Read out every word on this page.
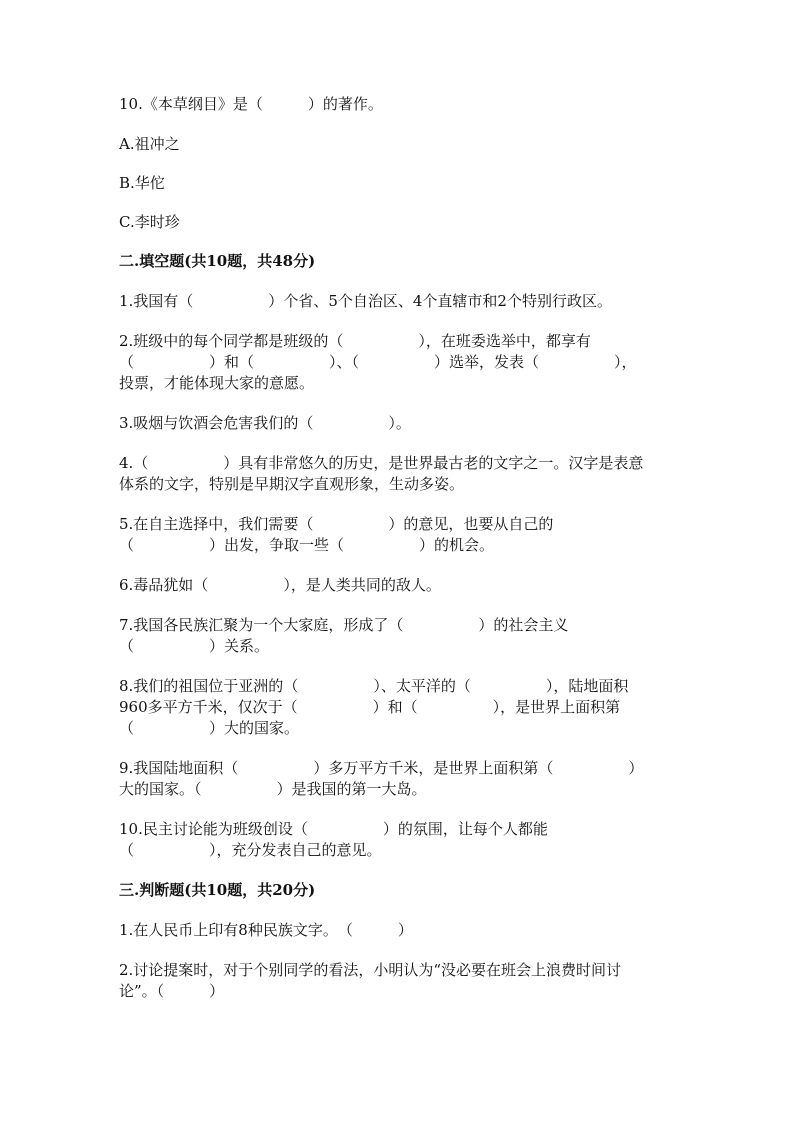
10.《本草纲目》是（　　　）的著作。
A.祖冲之
B.华佗
C.李时珍
二.填空题(共10题，共48分)
1.我国有（　　　　　）个省、5个自治区、4个直辖市和2个特别行政区。
2.班级中的每个同学都是班级的（　　　　　），在班委选举中，都享有
（　　　　　）和（　　　　　）、（　　　　　）选举，发表（　　　　　），
投票，才能体现大家的意愿。
3.吸烟与饮酒会危害我们的（　　　　　）。
4.（　　　　　）具有非常悠久的历史，是世界最古老的文字之一。汉字是表意
体系的文字，特别是早期汉字直观形象，生动多姿。
5.在自主选择中，我们需要（　　　　　）的意见，也要从自己的
（　　　　　）出发，争取一些（　　　　　）的机会。
6.毒品犹如（　　　　　），是人类共同的敌人。
7.我国各民族汇聚为一个大家庭，形成了（　　　　　）的社会主义
（　　　　　）关系。
8.我们的祖国位于亚洲的（　　　　　）、太平洋的（　　　　　），陆地面积
960多平方千米，仅次于（　　　　　）和（　　　　　），是世界上面积第
（　　　　　）大的国家。
9.我国陆地面积（　　　　　）多万平方千米，是世界上面积第（　　　　　）
大的国家。（　　　　　）是我国的第一大岛。
10.民主讨论能为班级创设（　　　　　）的氛围，让每个人都能
（　　　　　），充分发表自己的意见。
三.判断题(共10题，共20分)
1.在人民币上印有8种民族文字。　（　　　）
2.讨论提案时，对于个别同学的看法，小明认为“没必要在班会上浪费时间讨
论”。（　　　）
